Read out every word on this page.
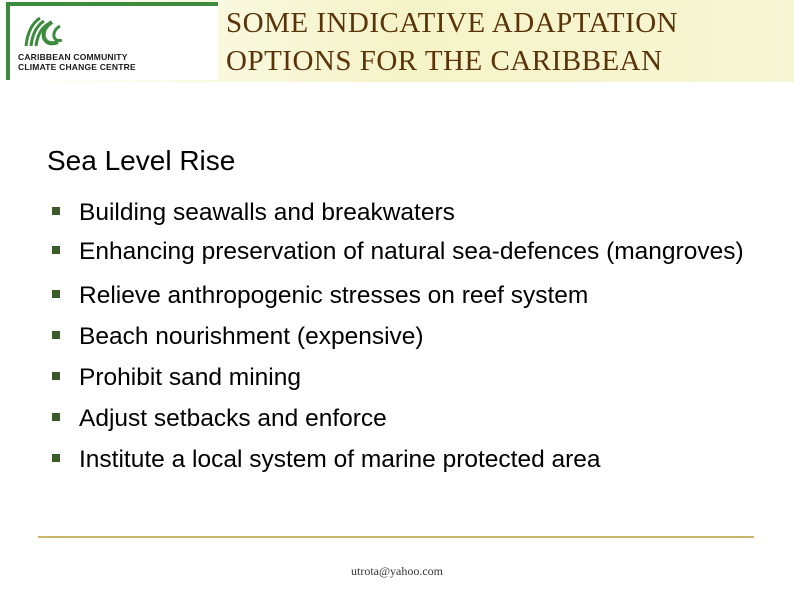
CARIBBEAN COMMUNITY
CLIMATE CHANGE CENTRE
SOME INDICATIVE ADAPTATION
OPTIONS FOR THE CARIBBEAN
Sea Level Rise
Building seawalls and breakwaters
Enhancing preservation of natural sea-defences (mangroves)
Relieve anthropogenic stresses on reef system
Beach nourishment (expensive)
Prohibit sand mining
Adjust setbacks and enforce
Institute a local system of marine protected area
utrota@yahoo.com
